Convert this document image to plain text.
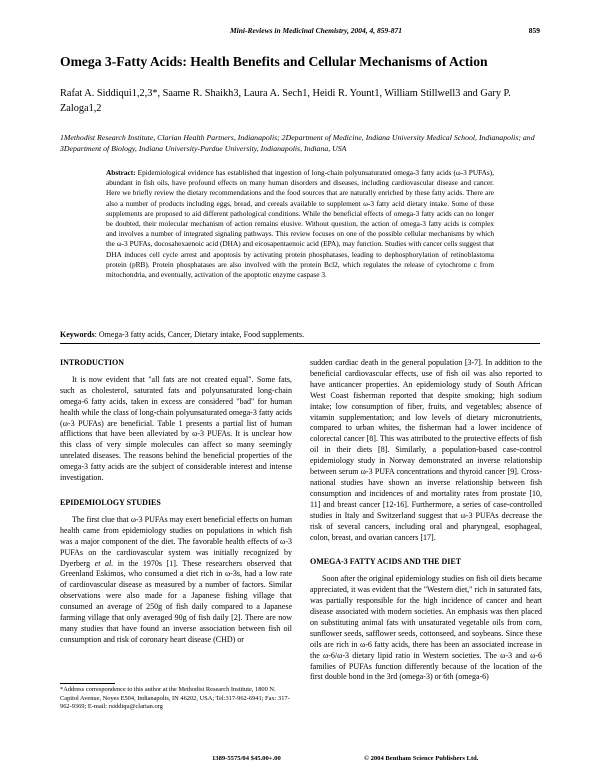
Mini-Reviews in Medicinal Chemistry, 2004, 4, 859-871	859
Omega 3-Fatty Acids: Health Benefits and Cellular Mechanisms of Action
Rafat A. Siddiqui1,2,3*, Saame R. Shaikh3, Laura A. Sech1, Heidi R. Yount1, William Stillwell3 and Gary P. Zaloga1,2
1Methodist Research Institute, Clarian Health Partners, Indianapolis; 2Department of Medicine, Indiana University Medical School, Indianapolis; and 3Department of Biology, Indiana University-Purdue University, Indianapolis, Indiana, USA
Abstract: Epidemiological evidence has established that ingestion of long-chain polyunsaturated omega-3 fatty acids (ω-3 PUFAs), abundant in fish oils, have profound effects on many human disorders and diseases, including cardiovascular disease and cancer. Here we briefly review the dietary recommendations and the food sources that are naturally enriched by these fatty acids. There are also a number of products including eggs, bread, and cereals available to supplement ω-3 fatty acid dietary intake. Some of these supplements are proposed to aid different pathological conditions. While the beneficial effects of omega-3 fatty acids can no longer be doubted, their molecular mechanism of action remains elusive. Without question, the action of omega-3 fatty acids is complex and involves a number of integrated signaling pathways. This review focuses on one of the possible cellular mechanisms by which the ω-3 PUFAs, docosahexaenoic acid (DHA) and eicosapentaenoic acid (EPA), may function. Studies with cancer cells suggest that DHA induces cell cycle arrest and apoptosis by activating protein phosphatases, leading to dephosphorylation of retinoblastoma protein (pRB). Protein phosphatases are also involved with the protein Bcl2, which regulates the release of cytochrome c from mitochondria, and eventually, activation of the apoptotic enzyme caspase 3.
Keywords: Omega-3 fatty acids, Cancer, Dietary intake, Food supplements.
INTRODUCTION

It is now evident that "all fats are not created equal". Some fats, such as cholesterol, saturated fats and polyunsaturated long-chain omega-6 fatty acids, taken in excess are considered "bad" for human health while the class of long-chain polyunsaturated omega-3 fatty acids (ω-3 PUFAs) are beneficial. Table 1 presents a partial list of human afflictions that have been alleviated by ω-3 PUFAs. It is unclear how this class of very simple molecules can affect so many seemingly unrelated diseases. The reasons behind the beneficial properties of the omega-3 fatty acids are the subject of considerable interest and intense investigation.

EPIDEMIOLOGY STUDIES

The first clue that ω-3 PUFAs may exert beneficial effects on human health came from epidemiology studies on populations in which fish was a major component of the diet. The favorable health effects of ω-3 PUFAs on the cardiovascular system was initially recognized by Dyerberg et al. in the 1970s [1]. These researchers observed that Greenland Eskimos, who consumed a diet rich in ω-3s, had a low rate of cardiovascular disease as measured by a number of factors. Similar observations were also made for a Japanese fishing village that consumed an average of 250g of fish daily compared to a Japanese farming village that only averaged 90g of fish daily [2]. There are now many studies that have found an inverse association between fish oil consumption and risk of coronary heart disease (CHD) or

*Address correspondence to this author at the Methodist Research Institute, 1800 N. Capitol Avenue, Noyes E504, Indianapolis, IN 46202, USA; Tel:317-962-6941; Fax: 317-962-9369; E-mail: rsiddiqu@clarian.org

sudden cardiac death in the general population [3-7]. In addition to the beneficial cardiovascular effects, use of fish oil was also reported to have anticancer properties. An epidemiology study of South African West Coast fisherman reported that despite smoking; high sodium intake; low consumption of fiber, fruits, and vegetables; absence of vitamin supplementation; and low levels of dietary micronutrients, compared to urban whites, the fisherman had a lower incidence of colorectal cancer [8]. This was attributed to the protective effects of fish oil in their diets [8]. Similarly, a population-based case-control epidemiology study in Norway demonstrated an inverse relationship between serum ω-3 PUFA concentrations and thyroid cancer [9]. Cross-national studies have shown an inverse relationship between fish consumption and incidences of and mortality rates from prostate [10, 11] and breast cancer [12-16]. Furthermore, a series of case-controlled studies in Italy and Switzerland suggest that ω-3 PUFAs decrease the risk of several cancers, including oral and pharyngeal, esophageal, colon, breast, and ovarian cancers [17].

OMEGA-3 FATTY ACIDS AND THE DIET

Soon after the original epidemiology studies on fish oil diets became appreciated, it was evident that the "Western diet," rich in saturated fats, was partially responsible for the high incidence of cancer and heart disease associated with modern societies. An emphasis was then placed on substituting animal fats with unsaturated vegetable oils from corn, sunflower seeds, safflower seeds, cottonseed, and soybeans. Since these oils are rich in ω-6 fatty acids, there has been an associated increase in the ω-6/ω-3 dietary lipid ratio in Western societies. The ω-3 and ω-6 families of PUFAs function differently because of the location of the first double bond in the 3rd (omega-3) or 6th (omega-6)

1389-5575/04 $45.00+.00	© 2004 Bentham Science Publishers Ltd.
